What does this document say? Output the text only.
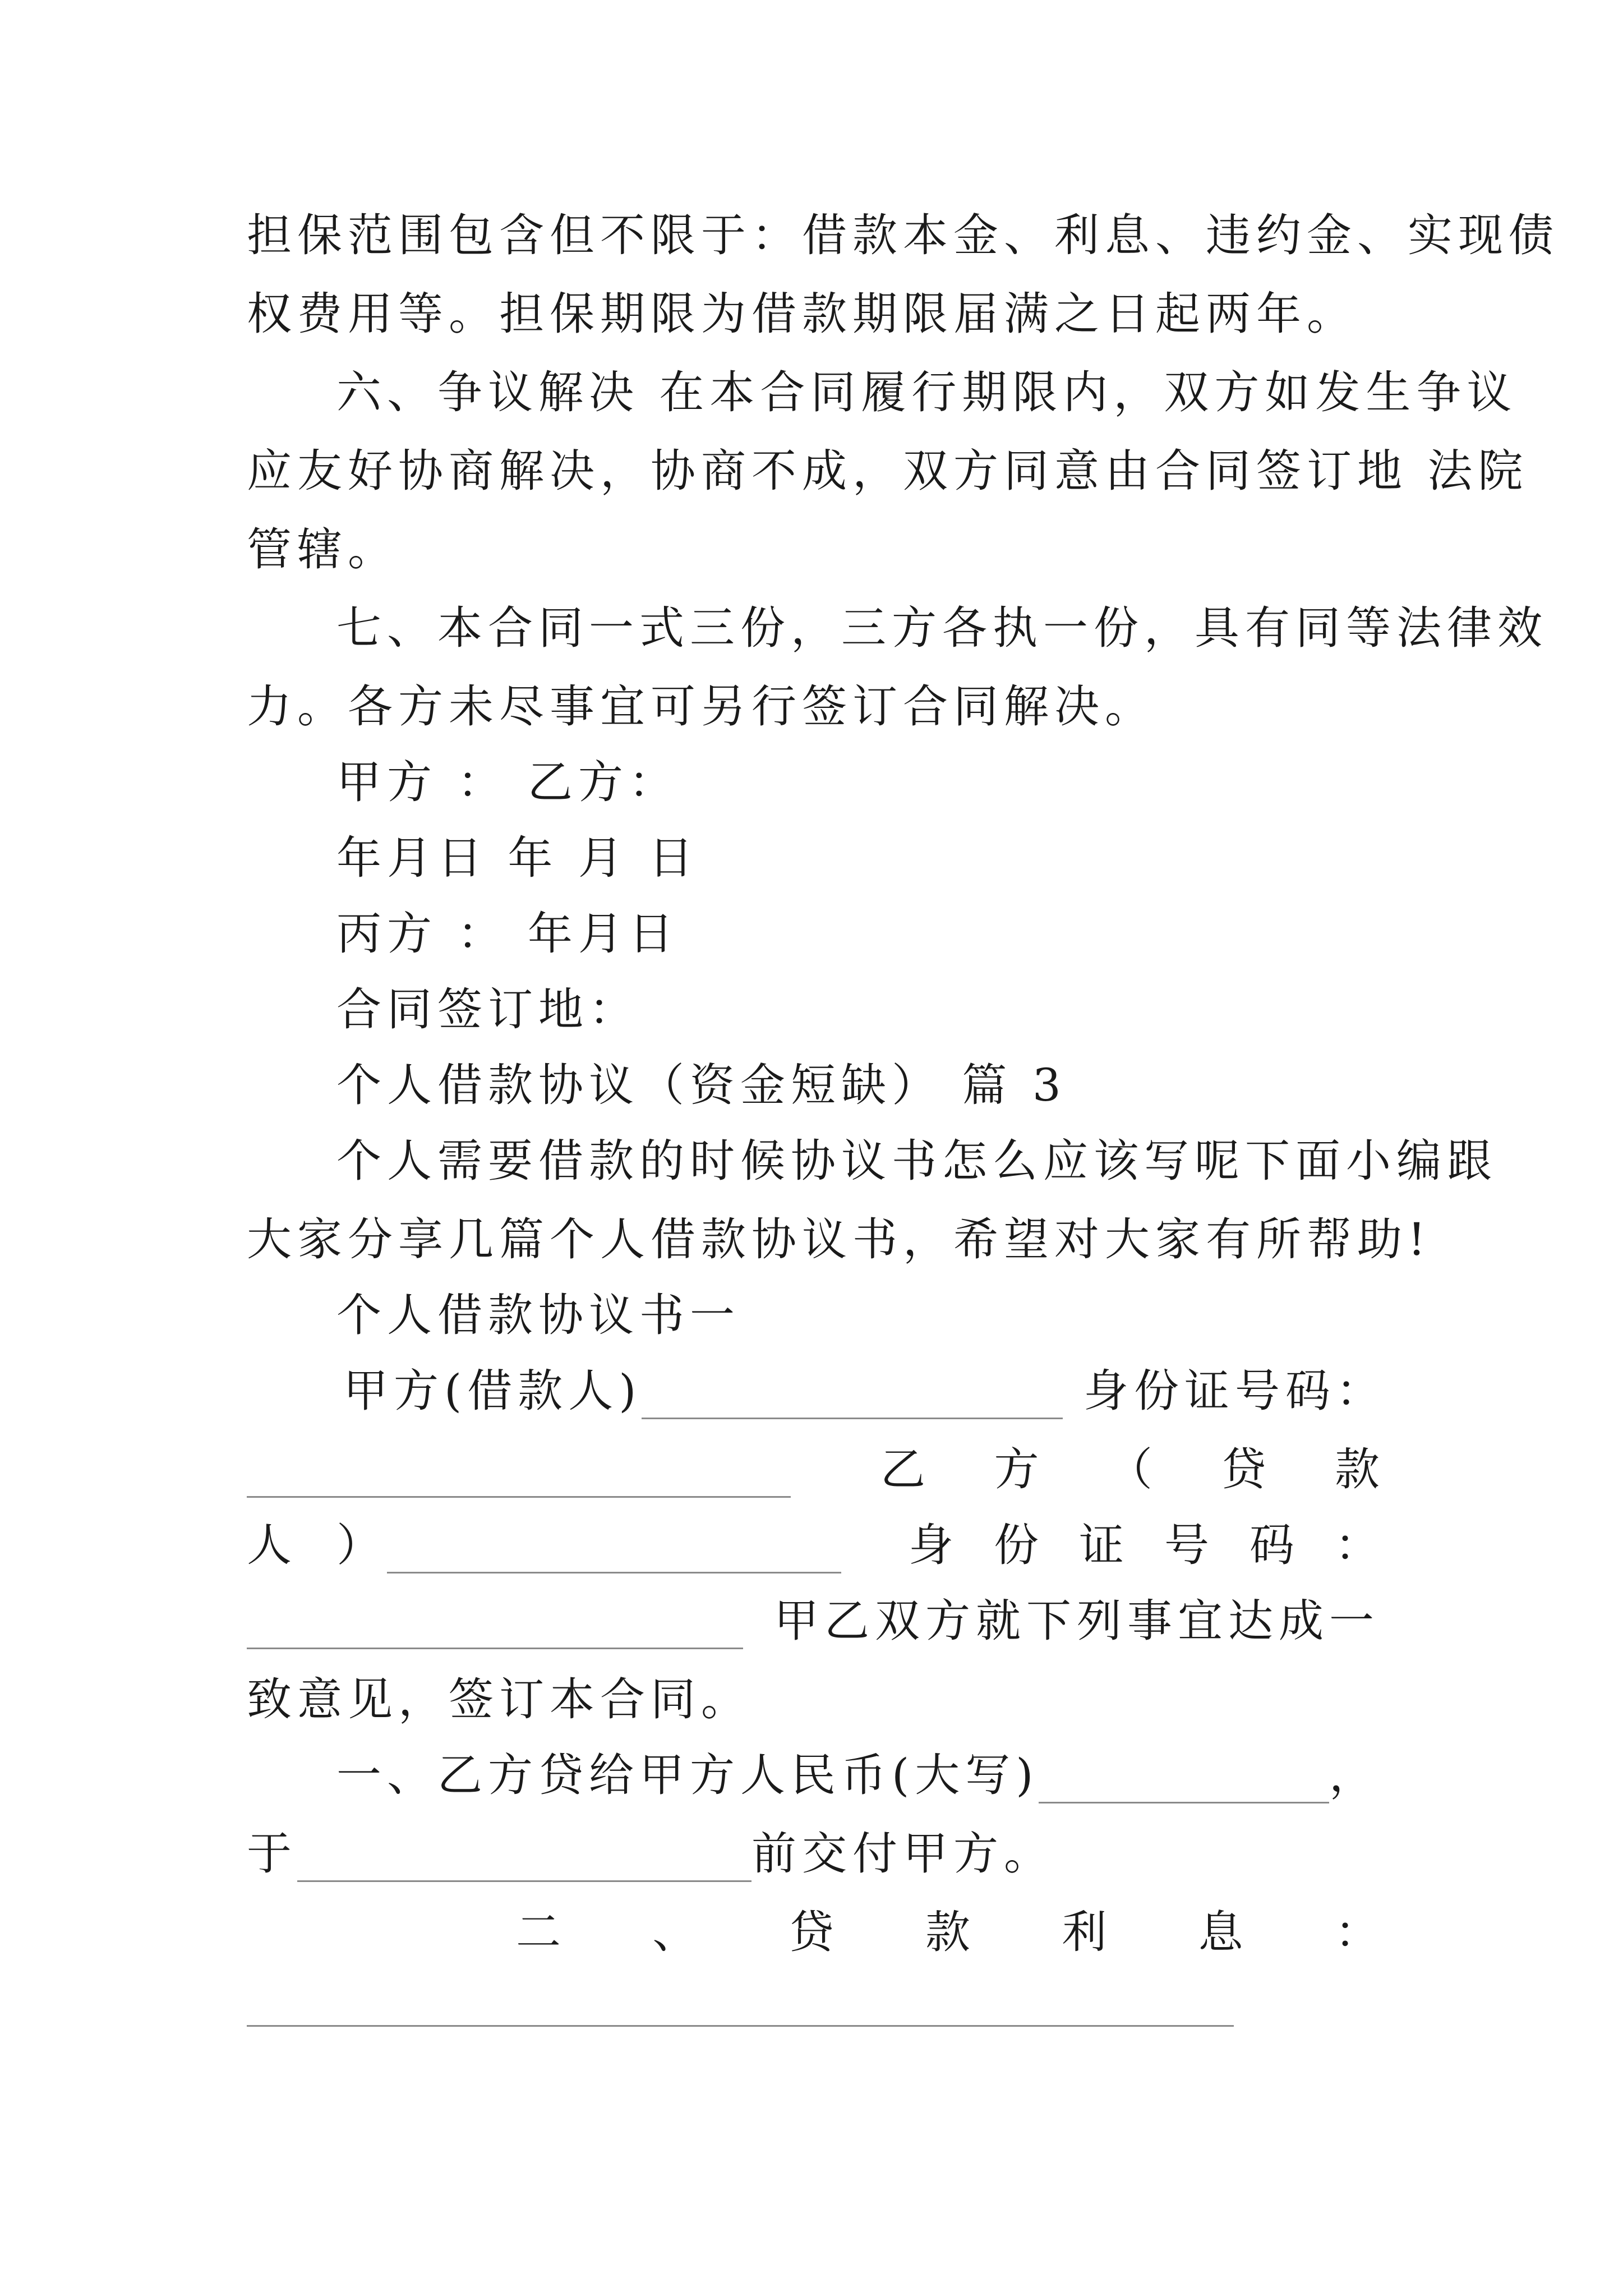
担保范围包含但不限于：借款本金、利息、违约金、实现债
权费用等。担保期限为借款期限届满之日起两年。
六、争议解决 在本合同履行期限内，双方如发生争议
应友好协商解决，协商不成，双方同意由合同签订地 法院
管辖。
七、本合同一式三份，三方各执一份，具有同等法律效
力。各方未尽事宜可另行签订合同解决。
甲方 ： 乙方：
年月日 年 月 日
丙方 ： 年月日
合同签订地：
个人借款协议（资金短缺） 篇 3
个人需要借款的时候协议书怎么应该写呢下面小编跟
大家分享几篇个人借款协议书，希望对大家有所帮助!
个人借款协议书一
甲方(借款人)	身份证号码：
乙 方 （ 贷 款
人 ）	身 份 证 号 码 ：
甲乙双方就下列事宜达成一
致意见，签订本合同。
一、乙方贷给甲方人民币(大写)	，
于	前交付甲方。
二 、 贷 款 利 息 ：
